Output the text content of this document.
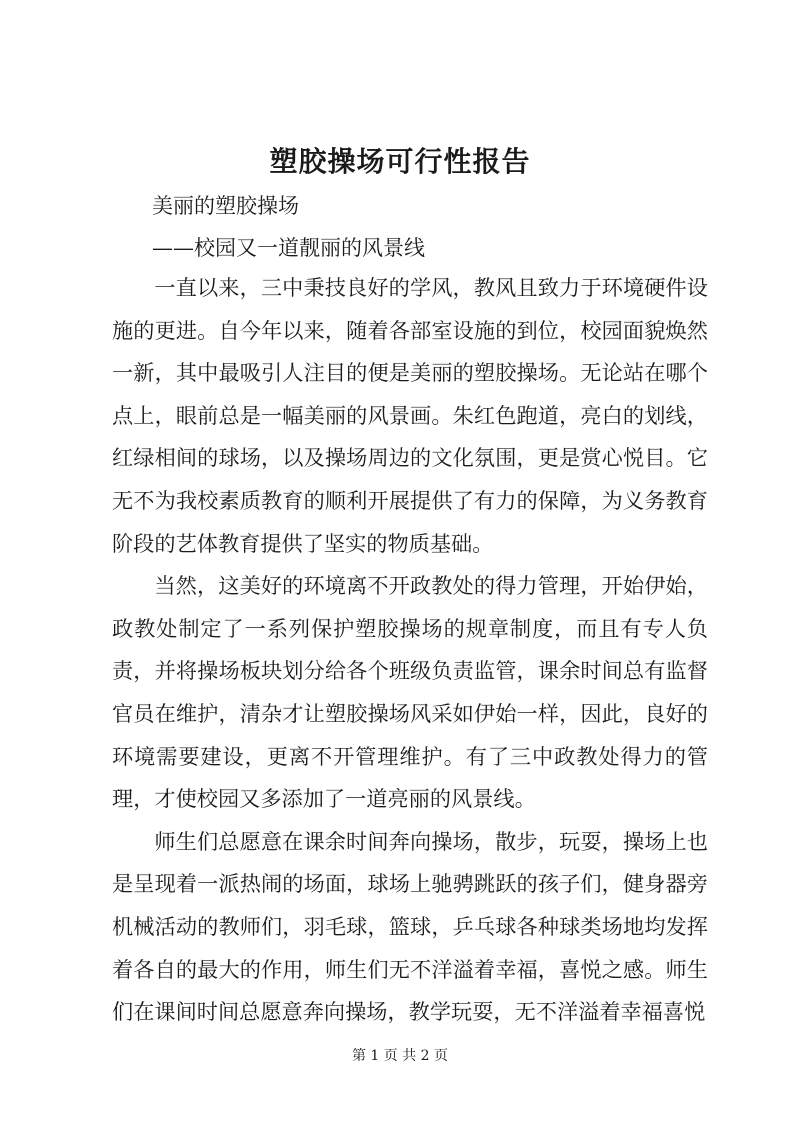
塑胶操场可行性报告
美丽的塑胶操场
——校园又一道靓丽的风景线

一直以来，三中秉技良好的学风，教风且致力于环境硬件设施的更进。自今年以来，随着各部室设施的到位，校园面貌焕然一新，其中最吸引人注目的便是美丽的塑胶操场。无论站在哪个点上，眼前总是一幅美丽的风景画。朱红色跑道，亮白的划线，红绿相间的球场，以及操场周边的文化氛围，更是赏心悦目。它无不为我校素质教育的顺利开展提供了有力的保障，为义务教育阶段的艺体教育提供了坚实的物质基础。

当然，这美好的环境离不开政教处的得力管理，开始伊始，政教处制定了一系列保护塑胶操场的规章制度，而且有专人负责，并将操场板块划分给各个班级负责监管，课余时间总有监督官员在维护，清杂才让塑胶操场风采如伊始一样，因此，良好的环境需要建设，更离不开管理维护。有了三中政教处得力的管理，才使校园又多添加了一道亮丽的风景线。

师生们总愿意在课余时间奔向操场，散步，玩耍，操场上也是呈现着一派热闹的场面，球场上驰骋跳跃的孩子们，健身器旁机械活动的教师们，羽毛球，篮球，乒乓球各种球类场地均发挥着各自的最大的作用，师生们无不洋溢着幸福，喜悦之感。师生们在课间时间总愿意奔向操场，教学玩耍，无不洋溢着幸福喜悦

第 1 页 共 2 页
